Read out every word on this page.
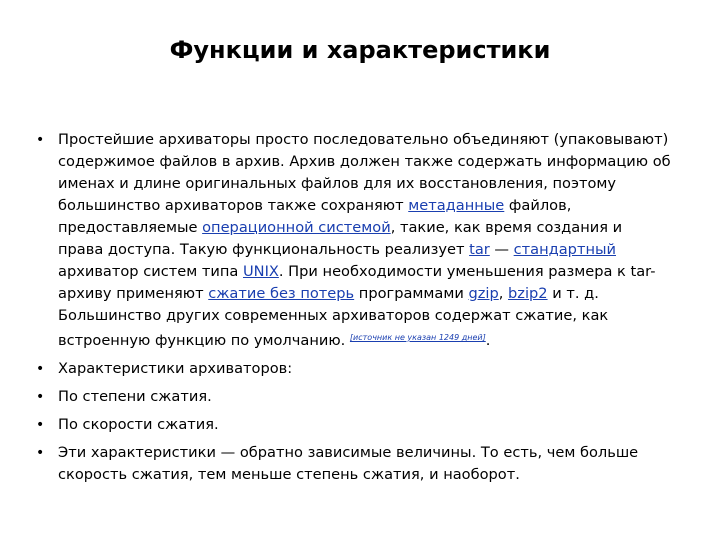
Функции и характеристики
• Простейшие архиваторы просто последовательно объединяют (упаковывают) содержимое файлов в архив. Архив должен также содержать информацию об именах и длине оригинальных файлов для их восстановления, поэтому большинство архиваторов также сохраняют метаданные файлов, предоставляемые операционной системой, такие, как время создания и права доступа. Такую функциональность реализует tar — стандартный архиватор систем типа UNIX. При необходимости уменьшения размера к tar-архиву применяют сжатие без потерь программами gzip, bzip2 и т. д. Большинство других современных архиваторов содержат сжатие, как встроенную функцию по умолчанию. [источник не указан 1249 дней].
• Характеристики архиваторов:
• По степени сжатия.
• По скорости сжатия.
• Эти характеристики — обратно зависимые величины. То есть, чем больше скорость сжатия, тем меньше степень сжатия, и наоборот.
